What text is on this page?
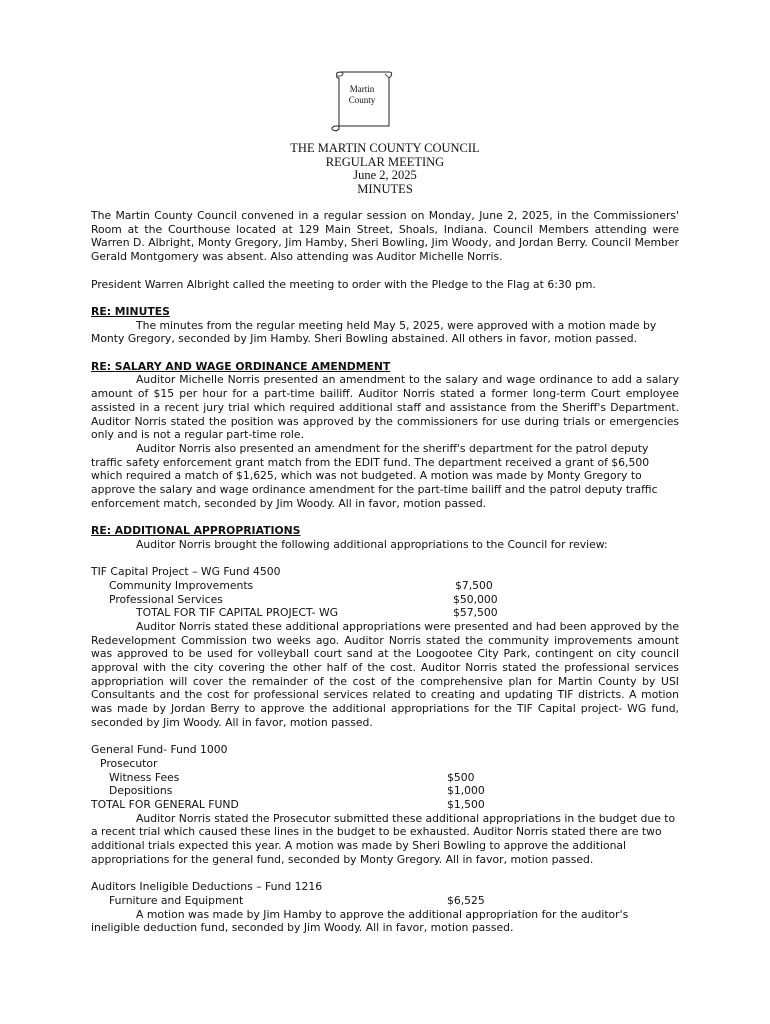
Martin
County
THE MARTIN COUNTY COUNCIL
REGULAR MEETING
June 2, 2025
MINUTES

The Martin County Council convened in a regular session on Monday, June 2, 2025, in the Commissioners' Room at the Courthouse located at 129 Main Street, Shoals, Indiana. Council Members attending were Warren D. Albright, Monty Gregory, Jim Hamby, Sheri Bowling, Jim Woody, and Jordan Berry. Council Member Gerald Montgomery was absent. Also attending was Auditor Michelle Norris.

President Warren Albright called the meeting to order with the Pledge to the Flag at 6:30 pm.

RE: MINUTES

The minutes from the regular meeting held May 5, 2025, were approved with a motion made by Monty Gregory, seconded by Jim Hamby. Sheri Bowling abstained. All others in favor, motion passed.

RE: SALARY AND WAGE ORDINANCE AMENDMENT

Auditor Michelle Norris presented an amendment to the salary and wage ordinance to add a salary amount of $15 per hour for a part-time bailiff. Auditor Norris stated a former long-term Court employee assisted in a recent jury trial which required additional staff and assistance from the Sheriff's Department. Auditor Norris stated the position was approved by the commissioners for use during trials or emergencies only and is not a regular part-time role.

Auditor Norris also presented an amendment for the sheriff's department for the patrol deputy traffic safety enforcement grant match from the EDIT fund. The department received a grant of $6,500 which required a match of $1,625, which was not budgeted. A motion was made by Monty Gregory to approve the salary and wage ordinance amendment for the part-time bailiff and the patrol deputy traffic enforcement match, seconded by Jim Woody. All in favor, motion passed.

RE: ADDITIONAL APPROPRIATIONS

Auditor Norris brought the following additional appropriations to the Council for review:

TIF Capital Project – WG Fund 4500

Community Improvements	$7,500
Professional Services	$50,000
TOTAL FOR TIF CAPITAL PROJECT- WG	$57,500

Auditor Norris stated these additional appropriations were presented and had been approved by the Redevelopment Commission two weeks ago. Auditor Norris stated the community improvements amount was approved to be used for volleyball court sand at the Loogootee City Park, contingent on city council approval with the city covering the other half of the cost. Auditor Norris stated the professional services appropriation will cover the remainder of the cost of the comprehensive plan for Martin County by USI Consultants and the cost for professional services related to creating and updating TIF districts. A motion was made by Jordan Berry to approve the additional appropriations for the TIF Capital project- WG fund, seconded by Jim Woody. All in favor, motion passed.

General Fund- Fund 1000

Prosecutor

Witness Fees	$500
Depositions	$1,000
TOTAL FOR GENERAL FUND	$1,500

Auditor Norris stated the Prosecutor submitted these additional appropriations in the budget due to a recent trial which caused these lines in the budget to be exhausted. Auditor Norris stated there are two additional trials expected this year. A motion was made by Sheri Bowling to approve the additional appropriations for the general fund, seconded by Monty Gregory. All in favor, motion passed.

Auditors Ineligible Deductions – Fund 1216

Furniture and Equipment	$6,525

A motion was made by Jim Hamby to approve the additional appropriation for the auditor's ineligible deduction fund, seconded by Jim Woody. All in favor, motion passed.
